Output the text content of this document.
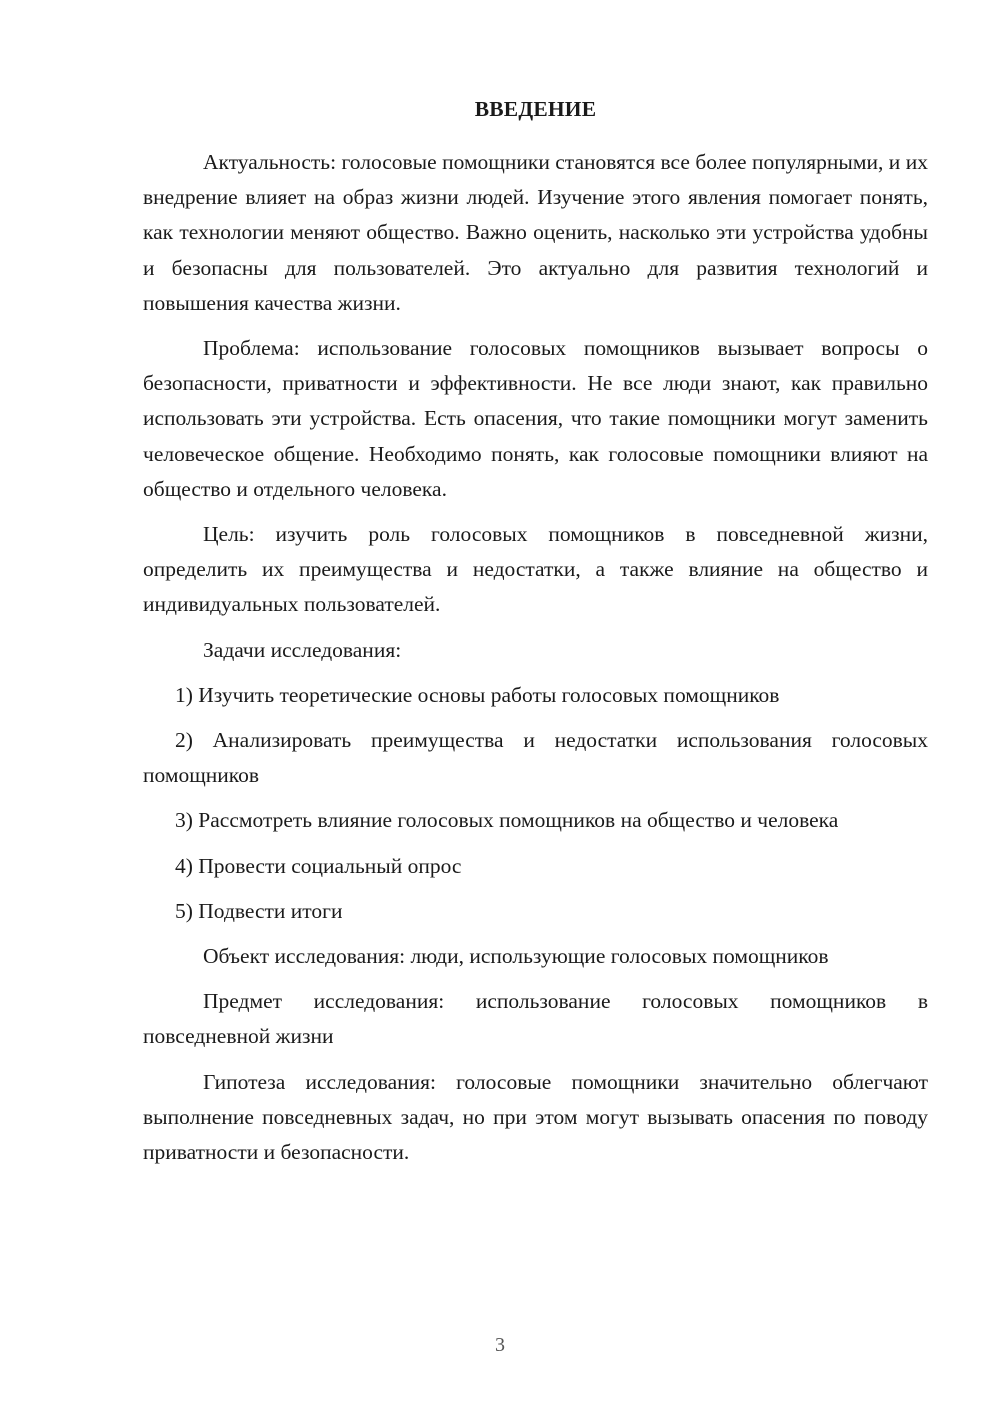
ВВЕДЕНИЕ

Актуальность: голосовые помощники становятся все более популярными, и их внедрение влияет на образ жизни людей. Изучение этого явления помогает понять, как технологии меняют общество. Важно оценить, насколько эти устройства удобны и безопасны для пользователей. Это актуально для развития технологий и повышения качества жизни.

Проблема: использование голосовых помощников вызывает вопросы о безопасности, приватности и эффективности. Не все люди знают, как правильно использовать эти устройства. Есть опасения, что такие помощники могут заменить человеческое общение. Необходимо понять, как голосовые помощники влияют на общество и отдельного человека.

Цель: изучить роль голосовых помощников в повседневной жизни, определить их преимущества и недостатки, а также влияние на общество и индивидуальных пользователей.

Задачи исследования:

1) Изучить теоретические основы работы голосовых помощников

2) Анализировать преимущества и недостатки использования голосовых помощников

3) Рассмотреть влияние голосовых помощников на общество и человека

4) Провести социальный опрос

5) Подвести итоги

Объект исследования: люди, использующие голосовых помощников

Предмет исследования: использование голосовых помощников в повседневной жизни

Гипотеза исследования: голосовые помощники значительно облегчают выполнение повседневных задач, но при этом могут вызывать опасения по поводу приватности и безопасности.

3
